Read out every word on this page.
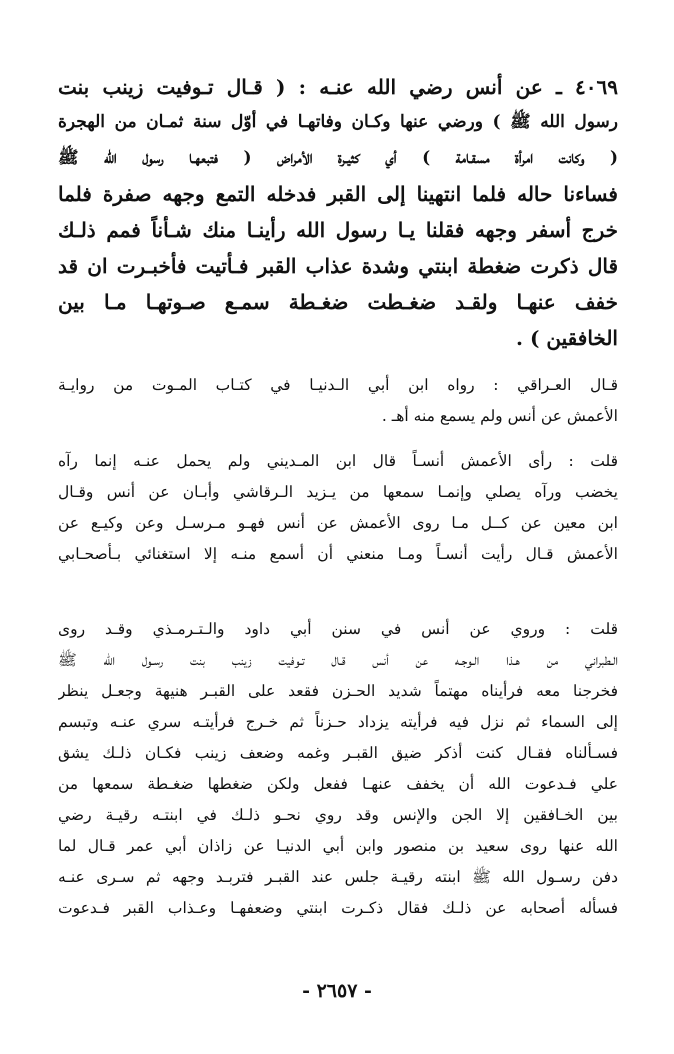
٤٠٦٩ ـ عن أنس رضي الله عنـه : ( قـال تـوفيت زينب بنت
رسول الله ﷺ ) ورضي عنها وكـان وفاتهـا في أوّل سنة ثمـان من الهجرة
( وكانت امرأة مسقـامة ) أي كثيـرة الأمراض ( فتبعهـا رسول الله ﷺ
فساءنا حاله فلما انتهينا إلى القبر فدخله التمع وجهه صفرة فلما
خرج أسفر وجهه فقلنا يـا رسول الله رأينـا منك شـأناً فمم ذلـك
قال ذكرت ضغطة ابنتي وشدة عذاب القبر فـأتيت فأخبـرت ان قد
خفف عنهـا ولقـد ضغـطت ضغـطة سمـع صـوتهـا مـا بين
الخافقين ) .
قـال العـراقي : رواه ابن أبي الـدنيـا في كتـاب المـوت من روايـة
الأعمش عن أنس ولم يسمع منه أهـ .
قلت : رأى الأعمش أنسـاً قال ابن المـديني ولم يحمل عنـه إنما رآه
يخضب ورآه يصلي وإنمـا سمعها من يـزيد الـرقاشي وأبـان عن أنس وقـال
ابن معين عن كــل مـا روى الأعمش عن أنس فهـو مـرسـل وعن وكيـع عن
الأعمش قـال رأيت أنسـاً ومـا منعني أن أسمع منـه إلا استغنائي بـأصحـابي
قلت : وروي عن أنس في سنن أبي داود والـتـرمـذي وقـد روى
الـطبراني من هـذا الـوجـه عن أنس قـال تـوفيت زينب بنت رسـول الله ﷺ
فخرجنا معه فرأيناه مهتماً شديد الحـزن فقعد على القبـر هنيهة وجعـل ينظر
إلى السماء ثم نزل فيه فرأيته يزداد حـزناً ثم خـرج فرأيتـه سري عنـه وتبسم
فسـألناه فقـال كنت أذكر ضيق القبـر وغمه وضعف زينب فكـان ذلـك يشق
علي فـدعوت الله أن يخفف عنهـا ففعل ولكن ضغطها ضغـطة سمعها من
بين الخـافقين إلا الجن والإنس وقد روي نحـو ذلـك في ابنتـه رقيـة رضي
الله عنها روى سعيد بن منصور وابن أبي الدنيـا عن زاذان أبي عمر قـال لما
دفن رسـول الله ﷺ ابنته رقيـة جلس عند القبـر فتربـد وجهه ثم سـرى عنـه
فسأله أصحابه عن ذلـك فقال ذكـرت ابنتي وضعفهـا وعـذاب القبر فـدعوت
- ٢٦٥٧ -
